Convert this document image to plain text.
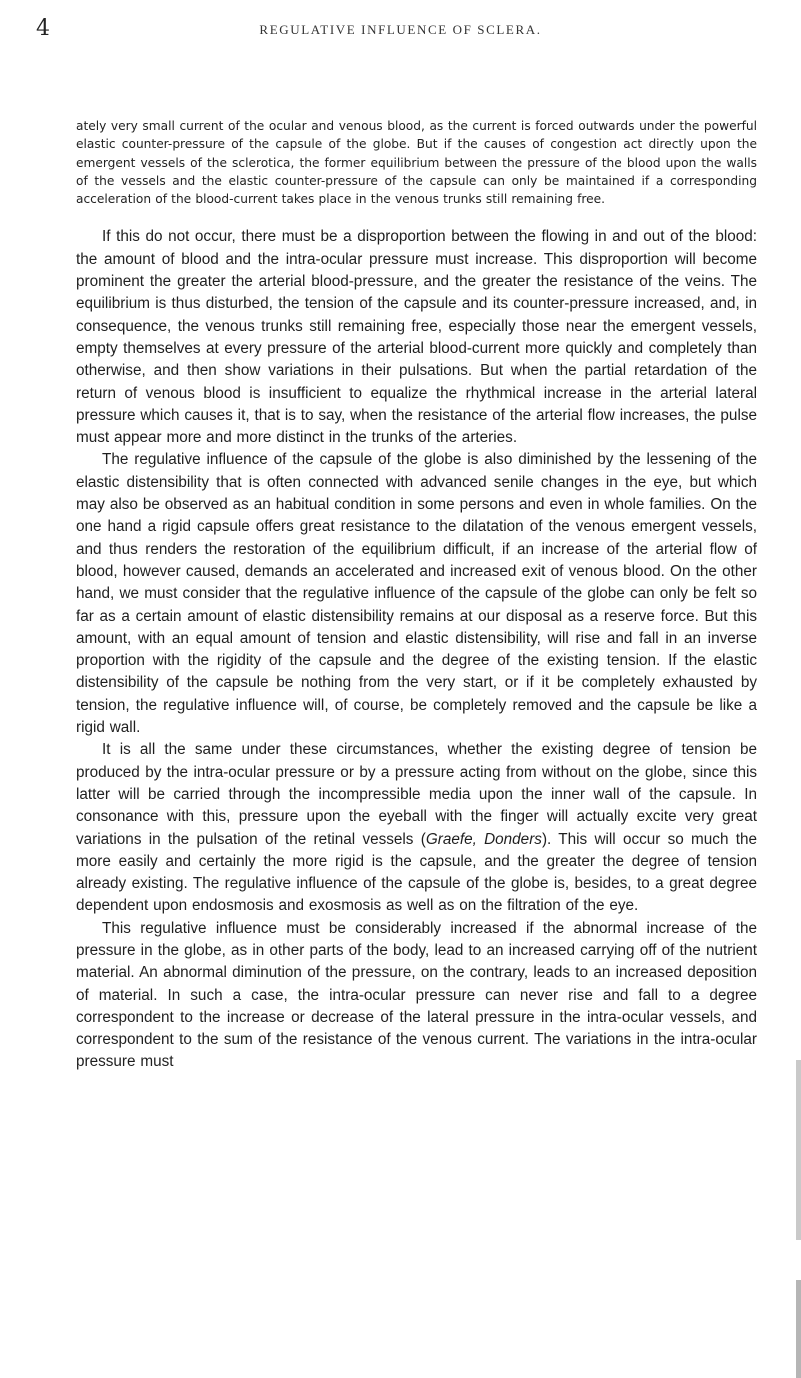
4	REGULATIVE INFLUENCE OF SCLERA.

ately very small current of the ocular and venous blood, as the current is forced outwards under the powerful elastic counter-pressure of the capsule of the globe. But if the causes of congestion act directly upon the emergent vessels of the sclerotica, the former equilibrium between the pressure of the blood upon the walls of the vessels and the elastic counter-pressure of the capsule can only be maintained if a corresponding acceleration of the blood-current takes place in the venous trunks still remaining free.

If this do not occur, there must be a disproportion between the flowing in and out of the blood: the amount of blood and the intra-ocular pressure must increase. This disproportion will become prominent the greater the arterial blood-pressure, and the greater the resistance of the veins. The equilibrium is thus disturbed, the tension of the capsule and its counter-pressure increased, and, in consequence, the venous trunks still remaining free, especially those near the emergent vessels, empty themselves at every pressure of the arterial blood-current more quickly and completely than otherwise, and then show variations in their pulsations. But when the partial retardation of the return of venous blood is insufficient to equalize the rhythmical increase in the arterial lateral pressure which causes it, that is to say, when the resistance of the arterial flow increases, the pulse must appear more and more distinct in the trunks of the arteries.

The regulative influence of the capsule of the globe is also diminished by the lessening of the elastic distensibility that is often connected with advanced senile changes in the eye, but which may also be observed as an habitual condition in some persons and even in whole families. On the one hand a rigid capsule offers great resistance to the dilatation of the venous emergent vessels, and thus renders the restoration of the equilibrium difficult, if an increase of the arterial flow of blood, however caused, demands an accelerated and increased exit of venous blood. On the other hand, we must consider that the regulative influence of the capsule of the globe can only be felt so far as a certain amount of elastic distensibility remains at our disposal as a reserve force. But this amount, with an equal amount of tension and elastic distensibility, will rise and fall in an inverse proportion with the rigidity of the capsule and the degree of the existing tension. If the elastic distensibility of the capsule be nothing from the very start, or if it be completely exhausted by tension, the regulative influence will, of course, be completely removed and the capsule be like a rigid wall.

It is all the same under these circumstances, whether the existing degree of tension be produced by the intra-ocular pressure or by a pressure acting from without on the globe, since this latter will be carried through the incompressible media upon the inner wall of the capsule. In consonance with this, pressure upon the eyeball with the finger will actually excite very great variations in the pulsation of the retinal vessels (Graefe, Donders). This will occur so much the more easily and certainly the more rigid is the capsule, and the greater the degree of tension already existing. The regulative influence of the capsule of the globe is, besides, to a great degree dependent upon endosmosis and exosmosis as well as on the filtration of the eye.

This regulative influence must be considerably increased if the abnormal increase of the pressure in the globe, as in other parts of the body, lead to an increased carrying off of the nutrient material. An abnormal diminution of the pressure, on the contrary, leads to an increased deposition of material. In such a case, the intra-ocular pressure can never rise and fall to a degree correspondent to the increase or decrease of the lateral pressure in the intra-ocular vessels, and correspondent to the sum of the resistance of the venous current. The variations in the intra-ocular pressure must
